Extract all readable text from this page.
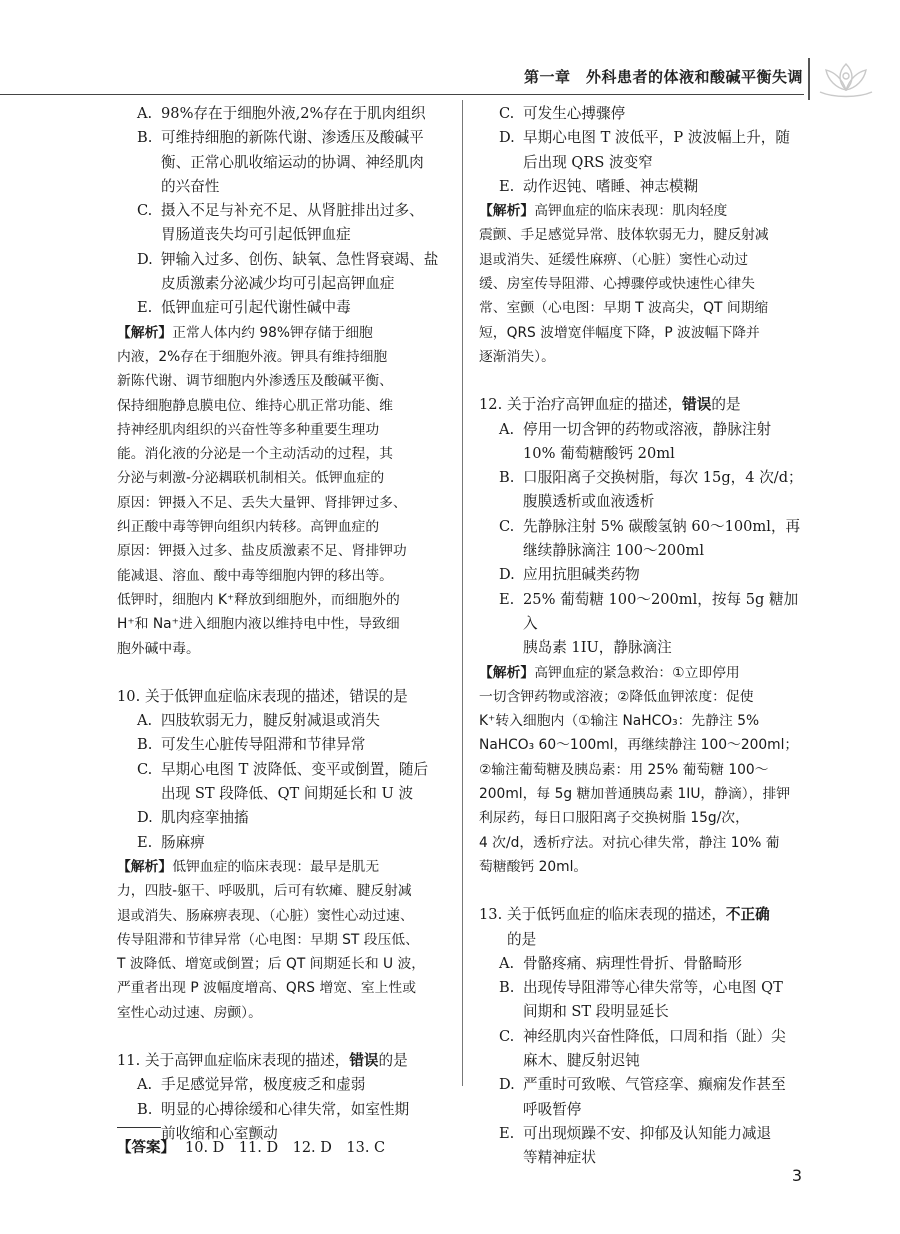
第一章　外科患者的体液和酸碱平衡失调
A. 98%存在于细胞外液,2%存在于肌肉组织
B. 可维持细胞的新陈代谢、渗透压及酸碱平
衡、正常心肌收缩运动的协调、神经肌肉
的兴奋性
C. 摄入不足与补充不足、从肾脏排出过多、
胃肠道丧失均可引起低钾血症
D. 钾输入过多、创伤、缺氧、急性肾衰竭、盐
皮质激素分泌减少均可引起高钾血症
E. 低钾血症可引起代谢性碱中毒
【解析】正常人体内约 98%钾存储于细胞
内液，2%存在于细胞外液。钾具有维持细胞
新陈代谢、调节细胞内外渗透压及酸碱平衡、
保持细胞静息膜电位、维持心肌正常功能、维
持神经肌肉组织的兴奋性等多种重要生理功
能。消化液的分泌是一个主动活动的过程，其
分泌与刺激-分泌耦联机制相关。低钾血症的
原因：钾摄入不足、丢失大量钾、肾排钾过多、
纠正酸中毒等钾向组织内转移。高钾血症的
原因：钾摄入过多、盐皮质激素不足、肾排钾功
能减退、溶血、酸中毒等细胞内钾的移出等。
低钾时，细胞内 K⁺释放到细胞外，而细胞外的
H⁺和 Na⁺进入细胞内液以维持电中性，导致细
胞外碱中毒。
10. 关于低钾血症临床表现的描述，错误的是
A. 四肢软弱无力，腱反射减退或消失
B. 可发生心脏传导阻滞和节律异常
C. 早期心电图 T 波降低、变平或倒置，随后
出现 ST 段降低、QT 间期延长和 U 波
D. 肌肉痉挛抽搐
E. 肠麻痹
【解析】低钾血症的临床表现：最早是肌无
力，四肢-躯干、呼吸肌，后可有软瘫、腱反射减
退或消失、肠麻痹表现、（心脏）窦性心动过速、
传导阻滞和节律异常（心电图：早期 ST 段压低、
T 波降低、增宽或倒置；后 QT 间期延长和 U 波，
严重者出现 P 波幅度增高、QRS 增宽、室上性或
室性心动过速、房颤）。
11. 关于高钾血症临床表现的描述，错误的是
A. 手足感觉异常，极度疲乏和虚弱
B. 明显的心搏徐缓和心律失常，如室性期
前收缩和心室颤动
C. 可发生心搏骤停
D. 早期心电图 T 波低平，P 波波幅上升，随
后出现 QRS 波变窄
E. 动作迟钝、嗜睡、神志模糊
【解析】高钾血症的临床表现：肌肉轻度
震颤、手足感觉异常、肢体软弱无力，腱反射减
退或消失、延缓性麻痹、（心脏）窦性心动过
缓、房室传导阻滞、心搏骤停或快速性心律失
常、室颤（心电图：早期 T 波高尖，QT 间期缩
短，QRS 波增宽伴幅度下降，P 波波幅下降并
逐渐消失）。
12. 关于治疗高钾血症的描述，错误的是
A. 停用一切含钾的药物或溶液，静脉注射
10% 葡萄糖酸钙 20ml
B. 口服阳离子交换树脂，每次 15g，4 次/d；
腹膜透析或血液透析
C. 先静脉注射 5% 碳酸氢钠 60～100ml，再
继续静脉滴注 100～200ml
D. 应用抗胆碱类药物
E. 25% 葡萄糖 100～200ml，按每 5g 糖加入
胰岛素 1IU，静脉滴注
【解析】高钾血症的紧急救治：①立即停用
一切含钾药物或溶液；②降低血钾浓度：促使
K⁺转入细胞内（①输注 NaHCO₃：先静注 5%
NaHCO₃ 60～100ml，再继续静注 100～200ml；
②输注葡萄糖及胰岛素：用 25% 葡萄糖 100～
200ml，每 5g 糖加普通胰岛素 1IU，静滴），排钾
利尿药，每日口服阳离子交换树脂 15g/次，
4 次/d，透析疗法。对抗心律失常，静注 10% 葡
萄糖酸钙 20ml。
13. 关于低钙血症的临床表现的描述，不正确
的是
A. 骨骼疼痛、病理性骨折、骨骼畸形
B. 出现传导阻滞等心律失常等，心电图 QT
间期和 ST 段明显延长
C. 神经肌肉兴奋性降低，口周和指（趾）尖
麻木、腱反射迟钝
D. 严重时可致喉、气管痉挛、癫痫发作甚至
呼吸暂停
E. 可出现烦躁不安、抑郁及认知能力减退
等精神症状
【答案】 10. D　11. D　12. D　13. C
3
